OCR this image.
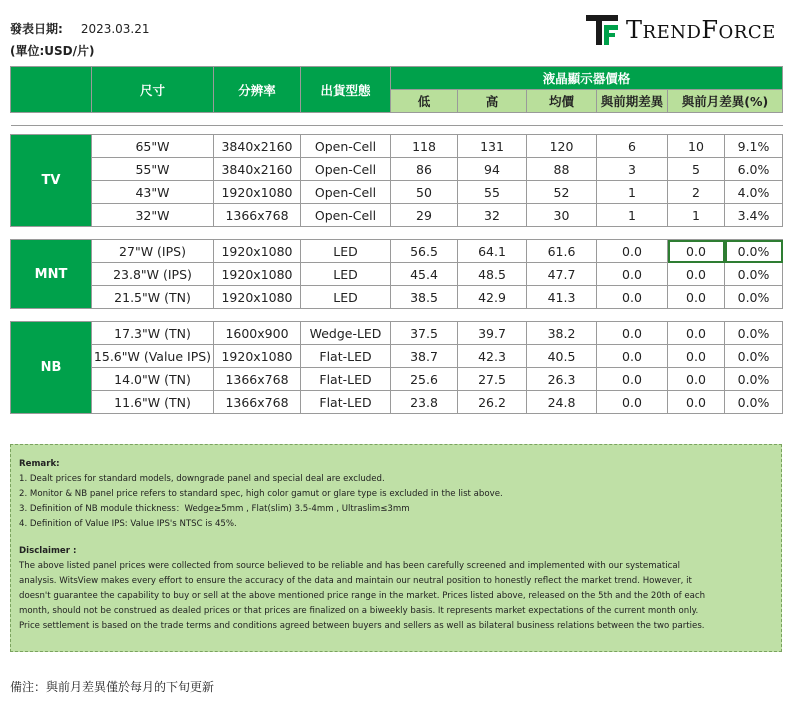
發表日期: 2023.03.21
(單位:USD/片)
TRENDFORCE
	尺寸	分辨率	出貨型態	液晶顯示器價格					
				低	高	均價	與前期差異	與前月差異(%)	

TV	65"W	3840x2160	Open-Cell	118	131	120	6	10	9.1%
	55"W	3840x2160	Open-Cell	86	94	88	3	5	6.0%
	43"W	1920x1080	Open-Cell	50	55	52	1	2	4.0%
	32"W	1366x768	Open-Cell	29	32	30	1	1	3.4%

MNT	27"W (IPS)	1920x1080	LED	56.5	64.1	61.6	0.0	0.0	0.0%
	23.8"W (IPS)	1920x1080	LED	45.4	48.5	47.7	0.0	0.0	0.0%
	21.5"W (TN)	1920x1080	LED	38.5	42.9	41.3	0.0	0.0	0.0%

NB	17.3"W (TN)	1600x900	Wedge-LED	37.5	39.7	38.2	0.0	0.0	0.0%
	15.6"W (Value IPS)	1920x1080	Flat-LED	38.7	42.3	40.5	0.0	0.0	0.0%
	14.0"W (TN)	1366x768	Flat-LED	25.6	27.5	26.3	0.0	0.0	0.0%
	11.6"W (TN)	1366x768	Flat-LED	23.8	26.2	24.8	0.0	0.0	0.0%
Remark:
1. Dealt prices for standard models, downgrade panel and special deal are excluded.
2. Monitor & NB panel price refers to standard spec, high color gamut or glare type is excluded in the list above.
3. Definition of NB module thickness：Wedge≥5mm , Flat(slim) 3.5-4mm , Ultraslim≤3mm
4. Definition of Value IPS: Value IPS's NTSC is 45%.
Disclaimer :
The above listed panel prices were collected from source believed to be reliable and has been carefully screened and implemented with our systematical
analysis. WitsView makes every effort to ensure the accuracy of the data and maintain our neutral position to honestly reflect the market trend. However, it
doesn't guarantee the capability to buy or sell at the above mentioned price range in the market. Prices listed above, released on the 5th and the 20th of each
month, should not be construed as dealed prices or that prices are finalized on a biweekly basis. It represents market expectations of the current month only.
Price settlement is based on the trade terms and conditions agreed between buyers and sellers as well as bilateral business relations between the two parties.
備注：與前月差異僅於每月的下旬更新
